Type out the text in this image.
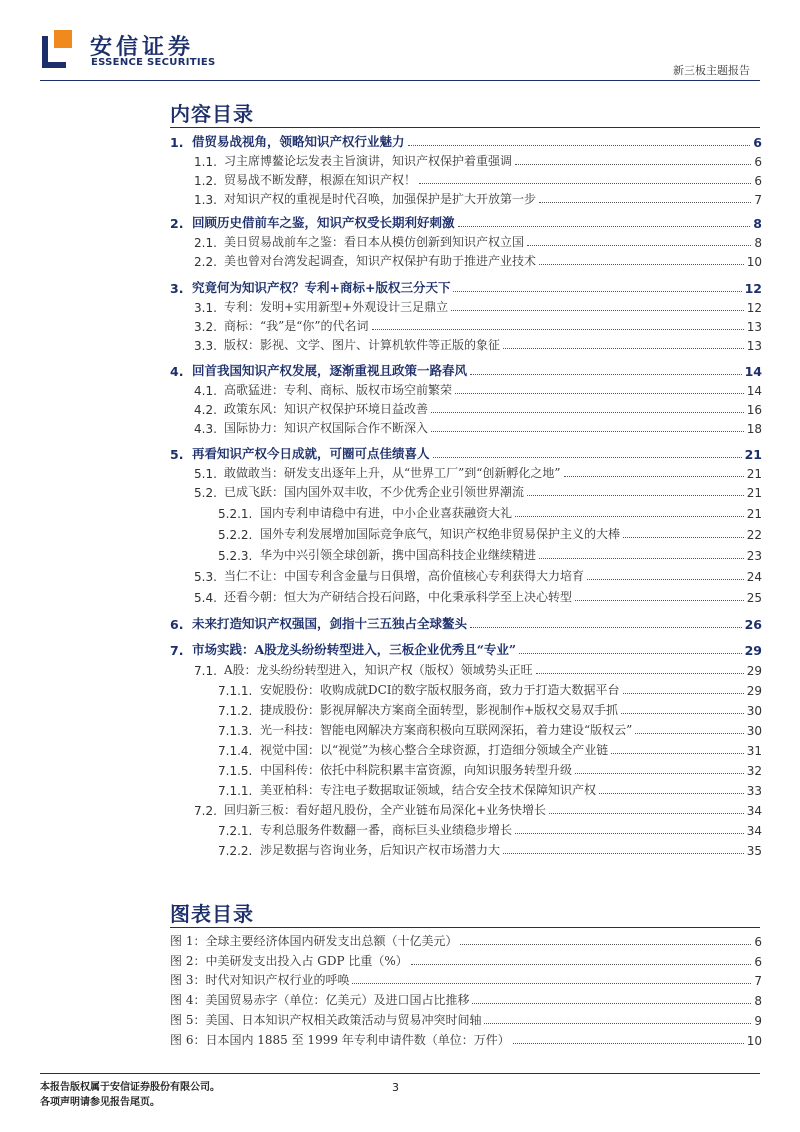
安信证券
ESSENCE SECURITIES
新三板主题报告
内容目录
1. 借贸易战视角，领略知识产权行业魅力	6
1.1. 习主席博鳌论坛发表主旨演讲，知识产权保护着重强调	6
1.2. 贸易战不断发酵，根源在知识产权！	6
1.3. 对知识产权的重视是时代召唤，加强保护是扩大开放第一步	7
2. 回顾历史借前车之鉴，知识产权受长期利好刺激	8
2.1. 美日贸易战前车之鉴：看日本从模仿创新到知识产权立国	8
2.2. 美也曾对台湾发起调查，知识产权保护有助于推进产业技术	10
3. 究竟何为知识产权？专利+商标+版权三分天下	12
3.1. 专利：发明+实用新型+外观设计三足鼎立	12
3.2. 商标：“我”是“你”的代名词	13
3.3. 版权：影视、文学、图片、计算机软件等正版的象征	13
4. 回首我国知识产权发展，逐渐重视且政策一路春风	14
4.1. 高歌猛进：专利、商标、版权市场空前繁荣	14
4.2. 政策东风：知识产权保护环境日益改善	16
4.3. 国际协力：知识产权国际合作不断深入	18
5. 再看知识产权今日成就，可圈可点佳绩喜人	21
5.1. 敢做敢当：研发支出逐年上升，从“世界工厂”到“创新孵化之地”	21
5.2. 已成飞跃：国内国外双丰收，不少优秀企业引领世界潮流	21
5.2.1. 国内专利申请稳中有进，中小企业喜获融资大礼	21
5.2.2. 国外专利发展增加国际竞争底气，知识产权绝非贸易保护主义的大棒	22
5.2.3. 华为中兴引领全球创新，携中国高科技企业继续精进	23
5.3. 当仁不让：中国专利含金量与日俱增，高价值核心专利获得大力培育	24
5.4. 还看今朝：恒大为产研结合投石问路，中化秉承科学至上决心转型	25
6. 未来打造知识产权强国，剑指十三五独占全球鳌头	26
7. 市场实践：A股龙头纷纷转型进入，三板企业优秀且“专业”	29
7.1. A股：龙头纷纷转型进入，知识产权（版权）领域势头正旺	29
7.1.1. 安妮股份：收购成就DCI的数字版权服务商，致力于打造大数据平台	29
7.1.2. 捷成股份：影视屏解决方案商全面转型，影视制作+版权交易双手抓	30
7.1.3. 光一科技：智能电网解决方案商积极向互联网深拓，着力建设“版权云”	30
7.1.4. 视觉中国：以“视觉”为核心整合全球资源，打造细分领域全产业链	31
7.1.5. 中国科传：依托中科院积累丰富资源，向知识服务转型升级	32
7.1.1. 美亚柏科：专注电子数据取证领域，结合安全技术保障知识产权	33
7.2. 回归新三板：看好超凡股份，全产业链布局深化+业务快增长	34
7.2.1. 专利总服务件数翻一番，商标巨头业绩稳步增长	34
7.2.2. 涉足数据与咨询业务，后知识产权市场潜力大	35
图表目录
图 1：全球主要经济体国内研发支出总额（十亿美元）	6
图 2：中美研发支出投入占 GDP 比重（%）	6
图 3：时代对知识产权行业的呼唤	7
图 4：美国贸易赤字（单位：亿美元）及进口国占比推移	8
图 5：美国、日本知识产权相关政策活动与贸易冲突时间轴	9
图 6：日本国内 1885 至 1999 年专利申请件数（单位：万件）	10
本报告版权属于安信证券股份有限公司。
各项声明请参见报告尾页。
3
